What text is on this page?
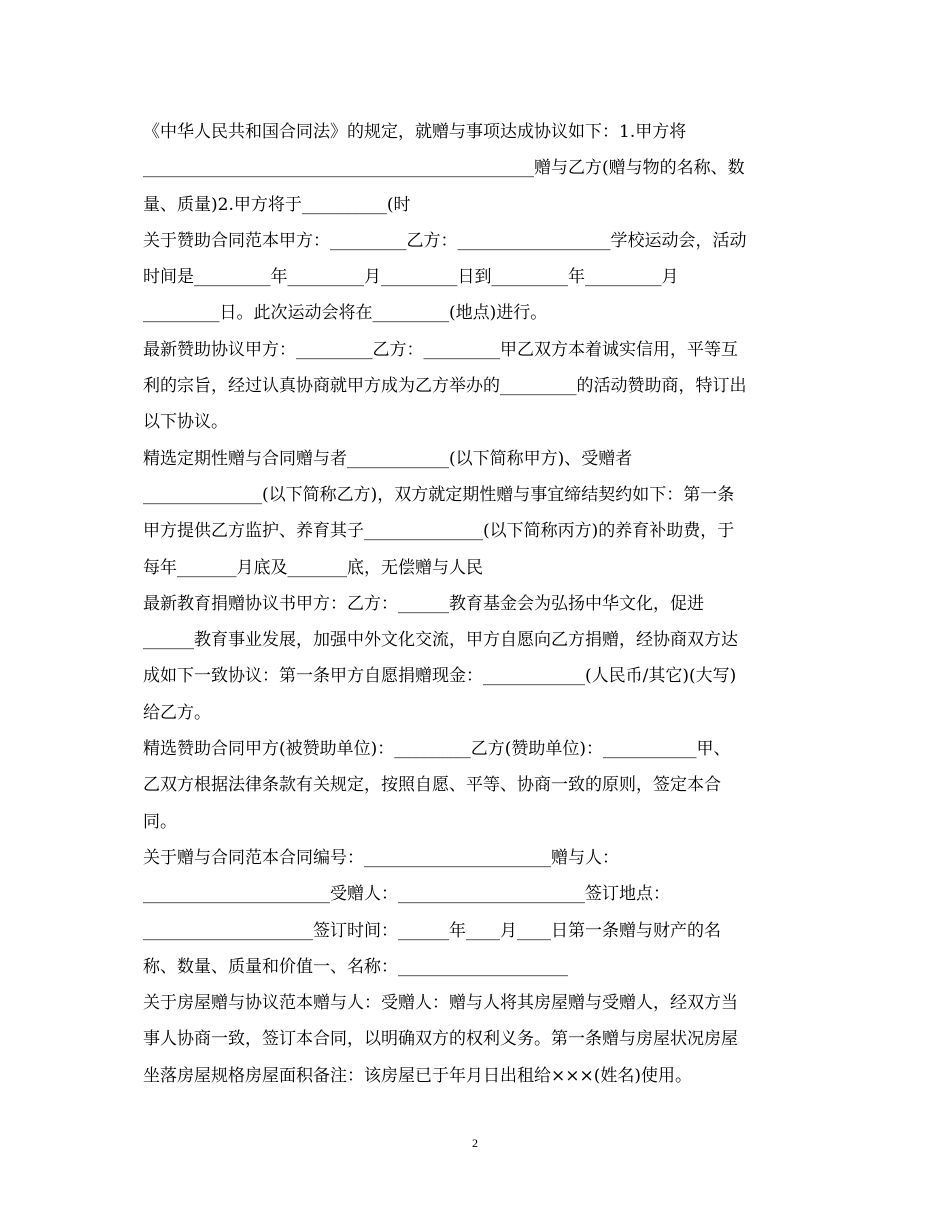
《中华人民共和国合同法》的规定，就赠与事项达成协议如下：1.甲方将
______________________________________________赠与乙方(赠与物的名称、数
量、质量)2.甲方将于__________(时
关于赞助合同范本甲方：_________乙方：__________________学校运动会，活动
时间是_________年_________月_________日到_________年_________月
_________日。此次运动会将在_________(地点)进行。
最新赞助协议甲方：_________乙方：_________甲乙双方本着诚实信用，平等互
利的宗旨，经过认真协商就甲方成为乙方举办的_________的活动赞助商，特订出
以下协议。
精选定期性赠与合同赠与者____________(以下简称甲方)、受赠者
______________(以下简称乙方)，双方就定期性赠与事宜缔结契约如下：第一条
甲方提供乙方监护、养育其子______________(以下简称丙方)的养育补助费，于
每年_______月底及_______底，无偿赠与人民
最新教育捐赠协议书甲方：乙方：______教育基金会为弘扬中华文化，促进
______教育事业发展，加强中外文化交流，甲方自愿向乙方捐赠，经协商双方达
成如下一致协议：第一条甲方自愿捐赠现金：____________(人民币/其它)(大写)
给乙方。
精选赞助合同甲方(被赞助单位)：_________乙方(赞助单位)：___________甲、
乙双方根据法律条款有关规定，按照自愿、平等、协商一致的原则，签定本合
同。
关于赠与合同范本合同编号：______________________赠与人：
______________________受赠人：______________________签订地点：
____________________签订时间：______年____月____日第一条赠与财产的名
称、数量、质量和价值一、名称：____________________
关于房屋赠与协议范本赠与人：受赠人：赠与人将其房屋赠与受赠人，经双方当
事人协商一致，签订本合同，以明确双方的权利义务。第一条赠与房屋状况房屋
坐落房屋规格房屋面积备注：该房屋已于年月日出租给×××(姓名)使用。
2
